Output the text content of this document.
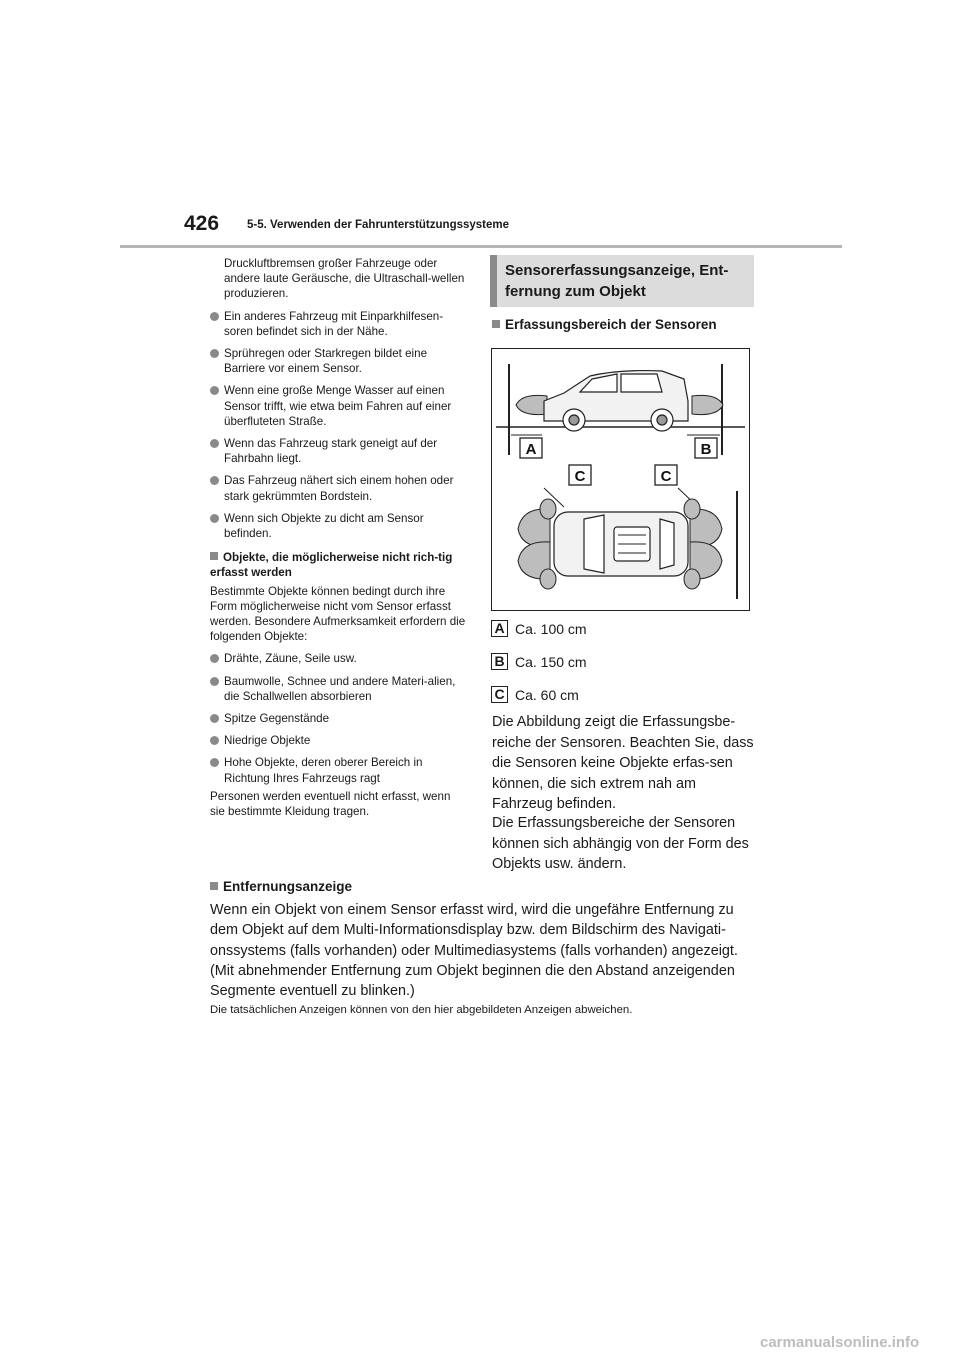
426 5-5. Verwenden der Fahrunterstützungssysteme

Druckluftbremsen großer Fahrzeuge oder andere laute Geräusche, die Ultraschall-wellen produzieren.

Ein anderes Fahrzeug mit Einparkhilfesen-soren befindet sich in der Nähe.

Sprühregen oder Starkregen bildet eine Barriere vor einem Sensor.

Wenn eine große Menge Wasser auf einen Sensor trifft, wie etwa beim Fahren auf einer überfluteten Straße.

Wenn das Fahrzeug stark geneigt auf der Fahrbahn liegt.

Das Fahrzeug nähert sich einem hohen oder stark gekrümmten Bordstein.

Wenn sich Objekte zu dicht am Sensor befinden.

Objekte, die möglicherweise nicht rich-tig erfasst werden

Bestimmte Objekte können bedingt durch ihre Form möglicherweise nicht vom Sensor erfasst werden. Besondere Aufmerksamkeit erfordern die folgenden Objekte:

Drähte, Zäune, Seile usw.

Baumwolle, Schnee und andere Materi-alien, die Schallwellen absorbieren

Spitze Gegenstände

Niedrige Objekte

Hohe Objekte, deren oberer Bereich in Richtung Ihres Fahrzeugs ragt

Personen werden eventuell nicht erfasst, wenn sie bestimmte Kleidung tragen.

Sensorerfassungsanzeige, Ent-fernung zum Objekt
Erfassungsbereich der Sensoren
A	B
C	C
A Ca. 100 cm
B Ca. 150 cm
C Ca. 60 cm

Die Abbildung zeigt die Erfassungsbe-reiche der Sensoren. Beachten Sie, dass die Sensoren keine Objekte erfas-sen können, die sich extrem nah am Fahrzeug befinden.

Die Erfassungsbereiche der Sensoren können sich abhängig von der Form des Objekts usw. ändern.

Entfernungsanzeige

Wenn ein Objekt von einem Sensor erfasst wird, wird die ungefähre Entfernung zu dem Objekt auf dem Multi-Informationsdisplay bzw. dem Bildschirm des Navigati-onssystems (falls vorhanden) oder Multimediasystems (falls vorhanden) angezeigt. (Mit abnehmender Entfernung zum Objekt beginnen die den Abstand anzeigenden Segmente eventuell zu blinken.)

Die tatsächlichen Anzeigen können von den hier abgebildeten Anzeigen abweichen.

carmanualsonline.info
